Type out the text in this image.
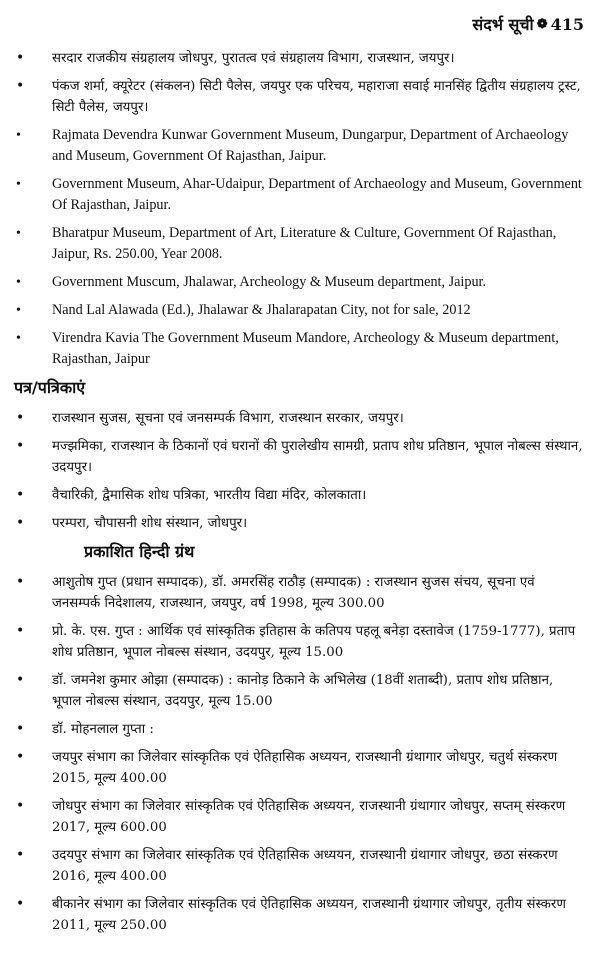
संदर्भ सूची ❁ 415
• सरदार राजकीय संग्रहालय जोधपुर, पुरातत्व एवं संग्रहालय विभाग, राजस्थान, जयपुर।
• पंकज शर्मा, क्यूरेटर (संकलन) सिटी पैलेस, जयपुर एक परिचय, महाराजा सवाई मानसिंह द्वितीय संग्रहालय ट्रस्ट, सिटी पैलेस, जयपुर।
• Rajmata Devendra Kunwar Government Museum, Dungarpur, Department of Archaeology and Museum, Government Of Rajasthan, Jaipur.
• Government Museum, Ahar-Udaipur, Department of Archaeology and Museum, Government Of Rajasthan, Jaipur.
• Bharatpur Museum, Department of Art, Literature & Culture, Government Of Rajasthan, Jaipur, Rs. 250.00, Year 2008.
• Government Muscum, Jhalawar, Archeology & Museum department, Jaipur.
• Nand Lal Alawada (Ed.), Jhalawar & Jhalarapatan City, not for sale, 2012
• Virendra Kavia The Government Museum Mandore, Archeology & Museum department, Rajasthan, Jaipur
पत्र/पत्रिकाएं
• राजस्थान सुजस, सूचना एवं जनसम्पर्क विभाग, राजस्थान सरकार, जयपुर।
• मज्झमिका, राजस्थान के ठिकानों एवं घरानों की पुरालेखीय सामग्री, प्रताप शोध प्रतिष्ठान, भूपाल नोबल्स संस्थान, उदयपुर।
• वैचारिकी, द्वैमासिक शोध पत्रिका, भारतीय विद्या मंदिर, कोलकाता।
• परम्परा, चौपासनी शोध संस्थान, जोधपुर।
प्रकाशित हिन्दी ग्रंथ
• आशुतोष गुप्त (प्रधान सम्पादक), डॉ. अमरसिंह राठौड़ (सम्पादक) : राजस्थान सुजस संचय, सूचना एवं जनसम्पर्क निदेशालय, राजस्थान, जयपुर, वर्ष 1998, मूल्य 300.00
• प्रो. के. एस. गुप्त : आर्थिक एवं सांस्कृतिक इतिहास के कतिपय पहलू बनेड़ा दस्तावेज (1759-1777), प्रताप शोध प्रतिष्ठान, भूपाल नोबल्स संस्थान, उदयपुर, मूल्य 15.00
• डॉ. जमनेश कुमार ओझा (सम्पादक) : कानोड़ ठिकाने के अभिलेख (18वीं शताब्दी), प्रताप शोध प्रतिष्ठान, भूपाल नोबल्स संस्थान, उदयपुर, मूल्य 15.00
• डॉ. मोहनलाल गुप्ता :
• जयपुर संभाग का जिलेवार सांस्कृतिक एवं ऐतिहासिक अध्ययन, राजस्थानी ग्रंथागार जोधपुर, चतुर्थ संस्करण 2015, मूल्य 400.00
• जोधपुर संभाग का जिलेवार सांस्कृतिक एवं ऐतिहासिक अध्ययन, राजस्थानी ग्रंथागार जोधपुर, सप्तम् संस्करण 2017, मूल्य 600.00
• उदयपुर संभाग का जिलेवार सांस्कृतिक एवं ऐतिहासिक अध्ययन, राजस्थानी ग्रंथागार जोधपुर, छठा संस्करण 2016, मूल्य 400.00
• बीकानेर संभाग का जिलेवार सांस्कृतिक एवं ऐतिहासिक अध्ययन, राजस्थानी ग्रंथागार जोधपुर, तृतीय संस्करण 2011, मूल्य 250.00
